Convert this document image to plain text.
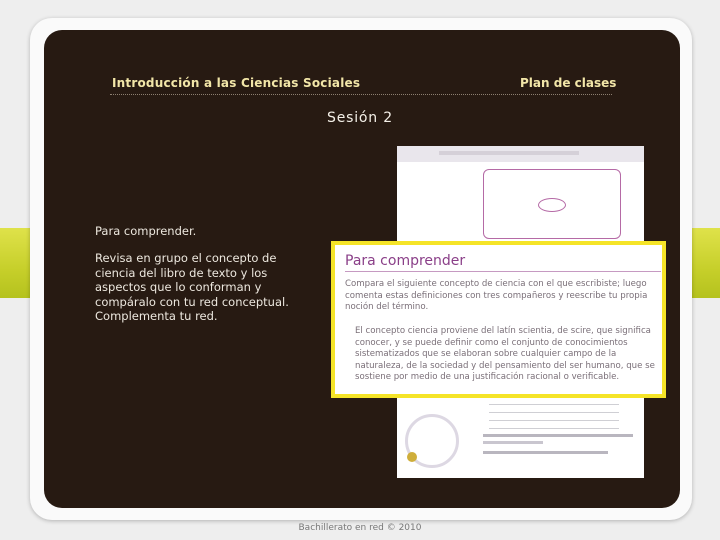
Introducción a las Ciencias Sociales	Plan de clases
Sesión 2
Para comprender.
Revisa en grupo el concepto de ciencia del libro de texto y los aspectos que lo conforman y compáralo con tu red conceptual. Complementa tu red.
Para comprender
Compara el siguiente concepto de ciencia con el que escribiste; luego comenta estas definiciones con tres compañeros y reescribe tu propia noción del término.
El concepto ciencia proviene del latín scientia, de scire, que significa conocer, y se puede definir como el conjunto de conocimientos sistematizados que se elaboran sobre cualquier campo de la naturaleza, de la sociedad y del pensamiento del ser humano, que se sostiene por medio de una justificación racional o verificable.
Bachillerato en red © 2010
